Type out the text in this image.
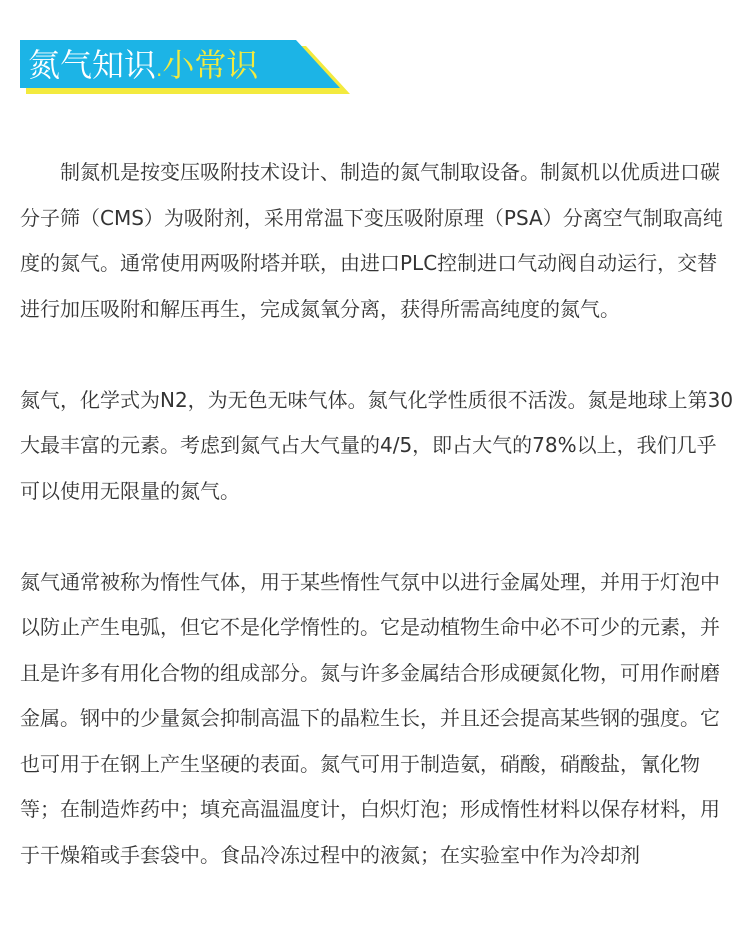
氮气知识.小常识

制氮机是按变压吸附技术设计、制造的氮气制取设备。制氮机以优质进口碳分子筛（CMS）为吸附剂，采用常温下变压吸附原理（PSA）分离空气制取高纯度的氮气。通常使用两吸附塔并联，由进口PLC控制进口气动阀自动运行，交替进行加压吸附和解压再生，完成氮氧分离，获得所需高纯度的氮气。

氮气，化学式为N2，为无色无味气体。氮气化学性质很不活泼。氮是地球上第30大最丰富的元素。考虑到氮气占大气量的4/5，即占大气的78%以上，我们几乎可以使用无限量的氮气。

氮气通常被称为惰性气体，用于某些惰性气氛中以进行金属处理，并用于灯泡中以防止产生电弧，但它不是化学惰性的。它是动植物生命中必不可少的元素，并且是许多有用化合物的组成部分。氮与许多金属结合形成硬氮化物，可用作耐磨金属。钢中的少量氮会抑制高温下的晶粒生长，并且还会提高某些钢的强度。它也可用于在钢上产生坚硬的表面。氮气可用于制造氨，硝酸，硝酸盐，氰化物等；在制造炸药中；填充高温温度计，白炽灯泡；形成惰性材料以保存材料，用于干燥箱或手套袋中。食品冷冻过程中的液氮；在实验室中作为冷却剂
